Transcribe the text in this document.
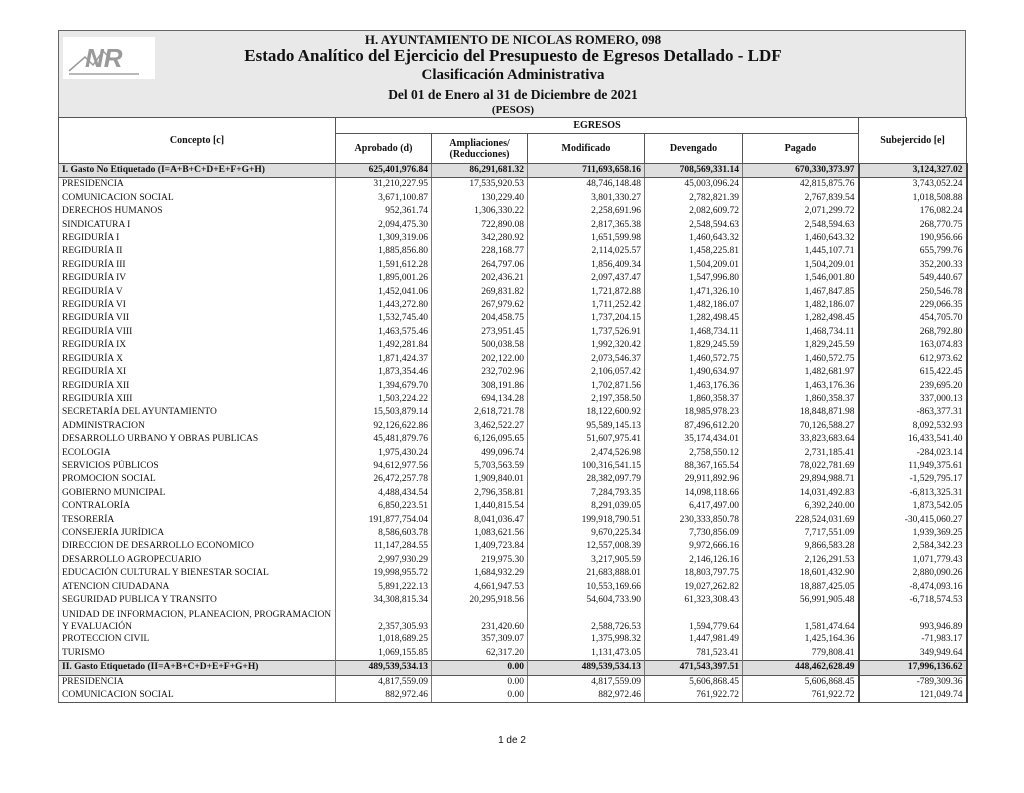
NR
H. AYUNTAMIENTO DE NICOLAS ROMERO, 098
Estado Analítico del Ejercicio del Presupuesto de Egresos Detallado - LDF
Clasificación Administrativa
Del 01 de Enero al 31 de Diciembre de 2021
(PESOS)
Concepto [c]	EGRESOS					Subejercido [e]
	Aprobado (d)	Ampliaciones/ (Reducciones)	Modificado	Devengado	Pagado	
I. Gasto No Etiquetado (I=A+B+C+D+E+F+G+H)	625,401,976.84	86,291,681.32	711,693,658.16	708,569,331.14	670,330,373.97	3,124,327.02
PRESIDENCIA	31,210,227.95	17,535,920.53	48,746,148.48	45,003,096.24	42,815,875.76	3,743,052.24
COMUNICACION SOCIAL	3,671,100.87	130,229.40	3,801,330.27	2,782,821.39	2,767,839.54	1,018,508.88
DERECHOS HUMANOS	952,361.74	1,306,330.22	2,258,691.96	2,082,609.72	2,071,299.72	176,082.24
SINDICATURA I	2,094,475.30	722,890.08	2,817,365.38	2,548,594.63	2,548,594.63	268,770.75
REGIDURÍA I	1,309,319.06	342,280.92	1,651,599.98	1,460,643.32	1,460,643.32	190,956.66
REGIDURÍA II	1,885,856.80	228,168.77	2,114,025.57	1,458,225.81	1,445,107.71	655,799.76
REGIDURÍA III	1,591,612.28	264,797.06	1,856,409.34	1,504,209.01	1,504,209.01	352,200.33
REGIDURÍA IV	1,895,001.26	202,436.21	2,097,437.47	1,547,996.80	1,546,001.80	549,440.67
REGIDURÍA V	1,452,041.06	269,831.82	1,721,872.88	1,471,326.10	1,467,847.85	250,546.78
REGIDURÍA VI	1,443,272.80	267,979.62	1,711,252.42	1,482,186.07	1,482,186.07	229,066.35
REGIDURÍA VII	1,532,745.40	204,458.75	1,737,204.15	1,282,498.45	1,282,498.45	454,705.70
REGIDURÍA VIII	1,463,575.46	273,951.45	1,737,526.91	1,468,734.11	1,468,734.11	268,792.80
REGIDURÍA IX	1,492,281.84	500,038.58	1,992,320.42	1,829,245.59	1,829,245.59	163,074.83
REGIDURÍA X	1,871,424.37	202,122.00	2,073,546.37	1,460,572.75	1,460,572.75	612,973.62
REGIDURÍA XI	1,873,354.46	232,702.96	2,106,057.42	1,490,634.97	1,482,681.97	615,422.45
REGIDURÍA XII	1,394,679.70	308,191.86	1,702,871.56	1,463,176.36	1,463,176.36	239,695.20
REGIDURÍA XIII	1,503,224.22	694,134.28	2,197,358.50	1,860,358.37	1,860,358.37	337,000.13
SECRETARÍA DEL AYUNTAMIENTO	15,503,879.14	2,618,721.78	18,122,600.92	18,985,978.23	18,848,871.98	-863,377.31
ADMINISTRACION	92,126,622.86	3,462,522.27	95,589,145.13	87,496,612.20	70,126,588.27	8,092,532.93
DESARROLLO URBANO Y OBRAS PUBLICAS	45,481,879.76	6,126,095.65	51,607,975.41	35,174,434.01	33,823,683.64	16,433,541.40
ECOLOGIA	1,975,430.24	499,096.74	2,474,526.98	2,758,550.12	2,731,185.41	-284,023.14
SERVICIOS PÚBLICOS	94,612,977.56	5,703,563.59	100,316,541.15	88,367,165.54	78,022,781.69	11,949,375.61
PROMOCION SOCIAL	26,472,257.78	1,909,840.01	28,382,097.79	29,911,892.96	29,894,988.71	-1,529,795.17
GOBIERNO MUNICIPAL	4,488,434.54	2,796,358.81	7,284,793.35	14,098,118.66	14,031,492.83	-6,813,325.31
CONTRALORÍA	6,850,223.51	1,440,815.54	8,291,039.05	6,417,497.00	6,392,240.00	1,873,542.05
TESORERÍA	191,877,754.04	8,041,036.47	199,918,790.51	230,333,850.78	228,524,031.69	-30,415,060.27
CONSEJERÍA JURÍDICA	8,586,603.78	1,083,621.56	9,670,225.34	7,730,856.09	7,717,551.09	1,939,369.25
DIRECCION DE DESARROLLO ECONOMICO	11,147,284.55	1,409,723.84	12,557,008.39	9,972,666.16	9,866,583.28	2,584,342.23
DESARROLLO AGROPECUARIO	2,997,930.29	219,975.30	3,217,905.59	2,146,126.16	2,126,291.53	1,071,779.43
EDUCACIÓN CULTURAL Y BIENESTAR SOCIAL	19,998,955.72	1,684,932.29	21,683,888.01	18,803,797.75	18,601,432.90	2,880,090.26
ATENCION CIUDADANA	5,891,222.13	4,661,947.53	10,553,169.66	19,027,262.82	18,887,425.05	-8,474,093.16
SEGURIDAD PUBLICA Y TRANSITO	34,308,815.34	20,295,918.56	54,604,733.90	61,323,308.43	56,991,905.48	-6,718,574.53
UNIDAD DE INFORMACION, PLANEACION, PROGRAMACION Y EVALUACIÓN	2,357,305.93	231,420.60	2,588,726.53	1,594,779.64	1,581,474.64	993,946.89
PROTECCION CIVIL	1,018,689.25	357,309.07	1,375,998.32	1,447,981.49	1,425,164.36	-71,983.17
TURISMO	1,069,155.85	62,317.20	1,131,473.05	781,523.41	779,808.41	349,949.64
II. Gasto Etiquetado (II=A+B+C+D+E+F+G+H)	489,539,534.13	0.00	489,539,534.13	471,543,397.51	448,462,628.49	17,996,136.62
PRESIDENCIA	4,817,559.09	0.00	4,817,559.09	5,606,868.45	5,606,868.45	-789,309.36
COMUNICACION SOCIAL	882,972.46	0.00	882,972.46	761,922.72	761,922.72	121,049.74
1 de 2
